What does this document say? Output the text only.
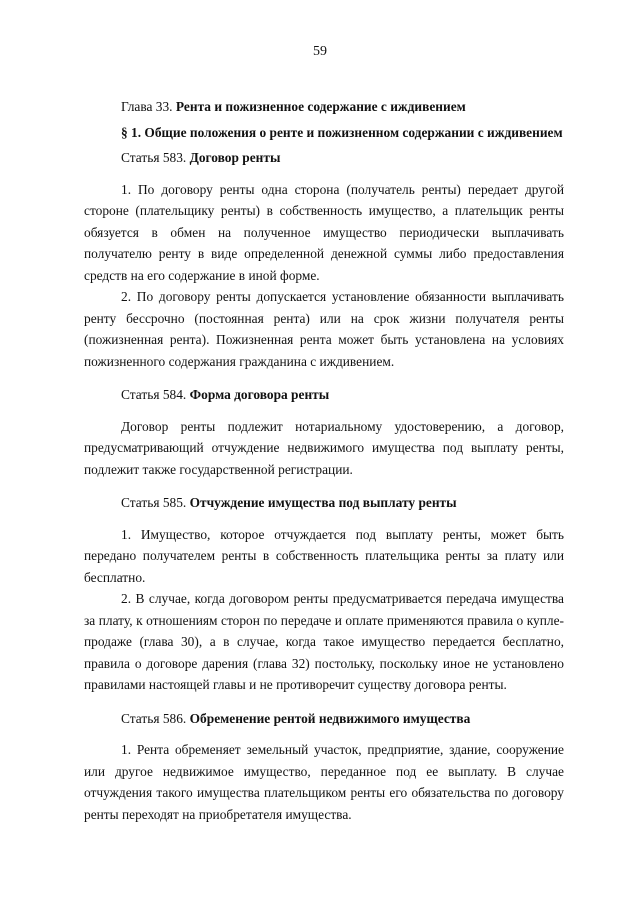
59

Глава 33. Рента и пожизненное содержание с иждивением

§ 1. Общие положения о ренте и пожизненном содержании с иждивением

Статья 583. Договор ренты

1. По договору ренты одна сторона (получатель ренты) передает другой стороне (плательщику ренты) в собственность имущество, а плательщик ренты обязуется в обмен на полученное имущество периодически выплачивать получателю ренту в виде определенной денежной суммы либо предоставления средств на его содержание в иной форме.

2. По договору ренты допускается установление обязанности выплачивать ренту бессрочно (постоянная рента) или на срок жизни получателя ренты (пожизненная рента). Пожизненная рента может быть установлена на условиях пожизненного содержания гражданина с иждивением.

Статья 584. Форма договора ренты

Договор ренты подлежит нотариальному удостоверению, а договор, предусматривающий отчуждение недвижимого имущества под выплату ренты, подлежит также государственной регистрации.

Статья 585. Отчуждение имущества под выплату ренты

1. Имущество, которое отчуждается под выплату ренты, может быть передано получателем ренты в собственность плательщика ренты за плату или бесплатно.

2. В случае, когда договором ренты предусматривается передача имущества за плату, к отношениям сторон по передаче и оплате применяются правила о купле-продаже (глава 30), а в случае, когда такое имущество передается бесплатно, правила о договоре дарения (глава 32) постольку, поскольку иное не установлено правилами настоящей главы и не противоречит существу договора ренты.

Статья 586. Обременение рентой недвижимого имущества

1. Рента обременяет земельный участок, предприятие, здание, сооружение или другое недвижимое имущество, переданное под ее выплату. В случае отчуждения такого имущества плательщиком ренты его обязательства по договору ренты переходят на приобретателя имущества.
